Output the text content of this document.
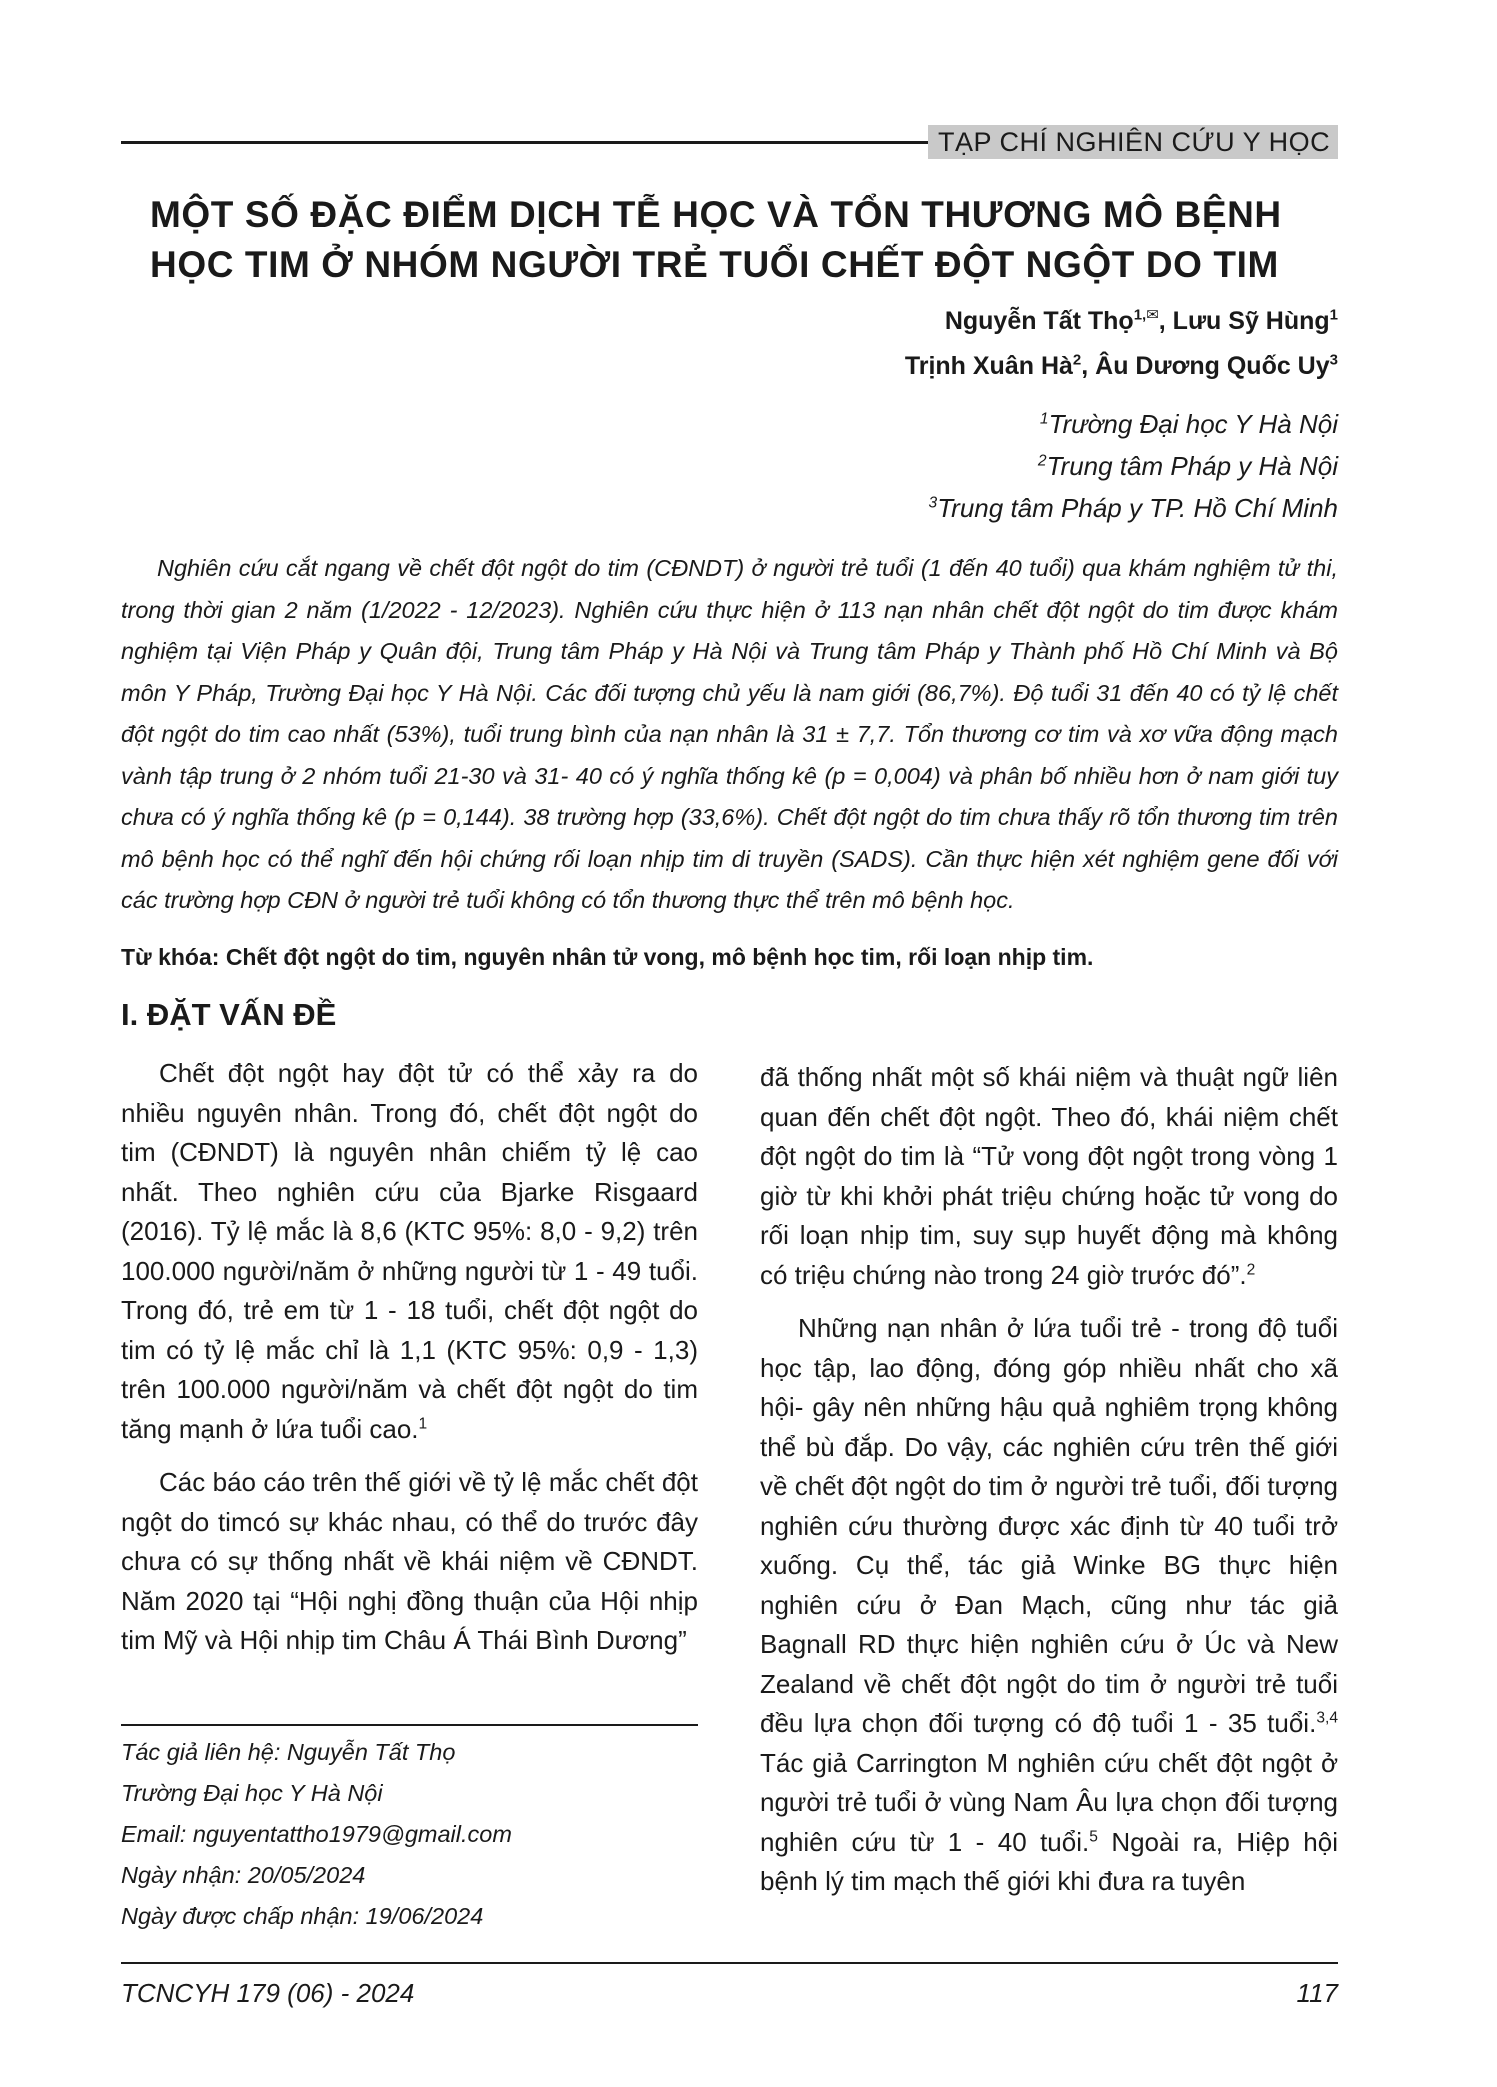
TẠP CHÍ NGHIÊN CỨU Y HỌC
MỘT SỐ ĐẶC ĐIỂM DỊCH TỄ HỌC VÀ TỔN THƯƠNG MÔ BỆNH
HỌC TIM Ở NHÓM NGƯỜI TRẺ TUỔI CHẾT ĐỘT NGỘT DO TIM
Nguyễn Tất Thọ$^{1,✉}$, Lưu Sỹ Hùng$^1$
Trịnh Xuân $Hà^2$, Âu Dương Quốc Uy$^3$
$^1$Trường Đại học Y Hà Nội
$^2$Trung tâm Pháp y Hà Nội
$^3$Trung tâm Pháp y TP. Hồ Chí Minh

Nghiên cứu cắt ngang về chết đột ngột do tim (CĐNDT) ở người trẻ tuổi (1 đến 40 tuổi) qua khám nghiệm tử thi, trong thời gian 2 năm (1/2022 - 12/2023). Nghiên cứu thực hiện ở 113 nạn nhân chết đột ngột do tim được khám nghiệm tại Viện Pháp y Quân đội, Trung tâm Pháp y Hà Nội và Trung tâm Pháp y Thành phố Hồ Chí Minh và Bộ môn Y Pháp, Trường Đại học Y Hà Nội. Các đối tượng chủ yếu là nam giới (86,7%). Độ tuổi 31 đến 40 có tỷ lệ chết đột ngột do tim cao nhất (53%), tuổi trung bình của nạn nhân là 31 ± 7,7. Tổn thương cơ tim và xơ vữa động mạch vành tập trung ở 2 nhóm tuổi 21-30 và 31- 40 có ý nghĩa thống kê (p = 0,004) và phân bố nhiều hơn ở nam giới tuy chưa có ý nghĩa thống kê (p = 0,144). 38 trường hợp (33,6%). Chết đột ngột do tim chưa thấy rõ tổn thương tim trên mô bệnh học có thể nghĩ đến hội chứng rối loạn nhịp tim di truyền (SADS). Cần thực hiện xét nghiệm gene đối với các trường hợp CĐN ở người trẻ tuổi không có tổn thương thực thể trên mô bệnh học.

Từ khóa: Chết đột ngột do tim, nguyên nhân tử vong, mô bệnh học tim, rối loạn nhịp tim.
I. ĐẶT VẤN ĐỀ

Chết đột ngột hay đột tử có thể xảy ra do nhiều nguyên nhân. Trong đó, chết đột ngột do tim (CĐNDT) là nguyên nhân chiếm tỷ lệ cao nhất. Theo nghiên cứu của Bjarke Risgaard (2016). Tỷ lệ mắc là 8,6 (KTC 95%: 8,0 - 9,2) trên 100.000 người/năm ở những người từ 1 - 49 tuổi. Trong đó, trẻ em từ 1 - 18 tuổi, chết đột ngột do tim có tỷ lệ mắc chỉ là 1,1 (KTC 95%: 0,9 - 1,3) trên 100.000 người/năm và chết đột ngột do tim tăng mạnh ở lứa tuổi cao.$^1$

Các báo cáo trên thế giới về tỷ lệ mắc chết đột ngột do timcó sự khác nhau, có thể do trước đây chưa có sự thống nhất về khái niệm về CĐNDT. Năm 2020 tại “Hội nghị đồng thuận của Hội nhịp tim Mỹ và Hội nhịp tim Châu Á Thái Bình Dương”

Tác giả liên hệ: Nguyễn Tất Thọ
Trường Đại học Y Hà Nội
Email: nguyentattho1979@gmail.com
Ngày nhận: 20/05/2024
Ngày được chấp nhận: 19/06/2024

đã thống nhất một số khái niệm và thuật ngữ liên quan đến chết đột ngột. Theo đó, khái niệm chết đột ngột do tim là “Tử vong đột ngột trong vòng 1 giờ từ khi khởi phát triệu chứng hoặc tử vong do rối loạn nhịp tim, suy sụp huyết động mà không có triệu chứng nào trong 24 giờ trước đó”.$^2$

Những nạn nhân ở lứa tuổi trẻ - trong độ tuổi học tập, lao động, đóng góp nhiều nhất cho xã hội- gây nên những hậu quả nghiêm trọng không thể bù đắp. Do vậy, các nghiên cứu trên thế giới về chết đột ngột do tim ở người trẻ tuổi, đối tượng nghiên cứu thường được xác định từ 40 tuổi trở xuống. Cụ thể, tác giả Winke BG thực hiện nghiên cứu ở Đan Mạch, cũng như tác giả Bagnall RD thực hiện nghiên cứu ở Úc và New Zealand về chết đột ngột do tim ở người trẻ tuổi đều lựa chọn đối tượng có độ tuổi 1 - 35 tuổi.$^{3,4}$ Tác giả Carrington M nghiên cứu chết đột ngột ở người trẻ tuổi ở vùng Nam Âu lựa chọn đối tượng nghiên cứu từ 1 - 40 tuổi.$^5$ Ngoài ra, Hiệp hội bệnh lý tim mạch thế giới khi đưa ra tuyên

TCNCYH 179 (06) - 2024	117
